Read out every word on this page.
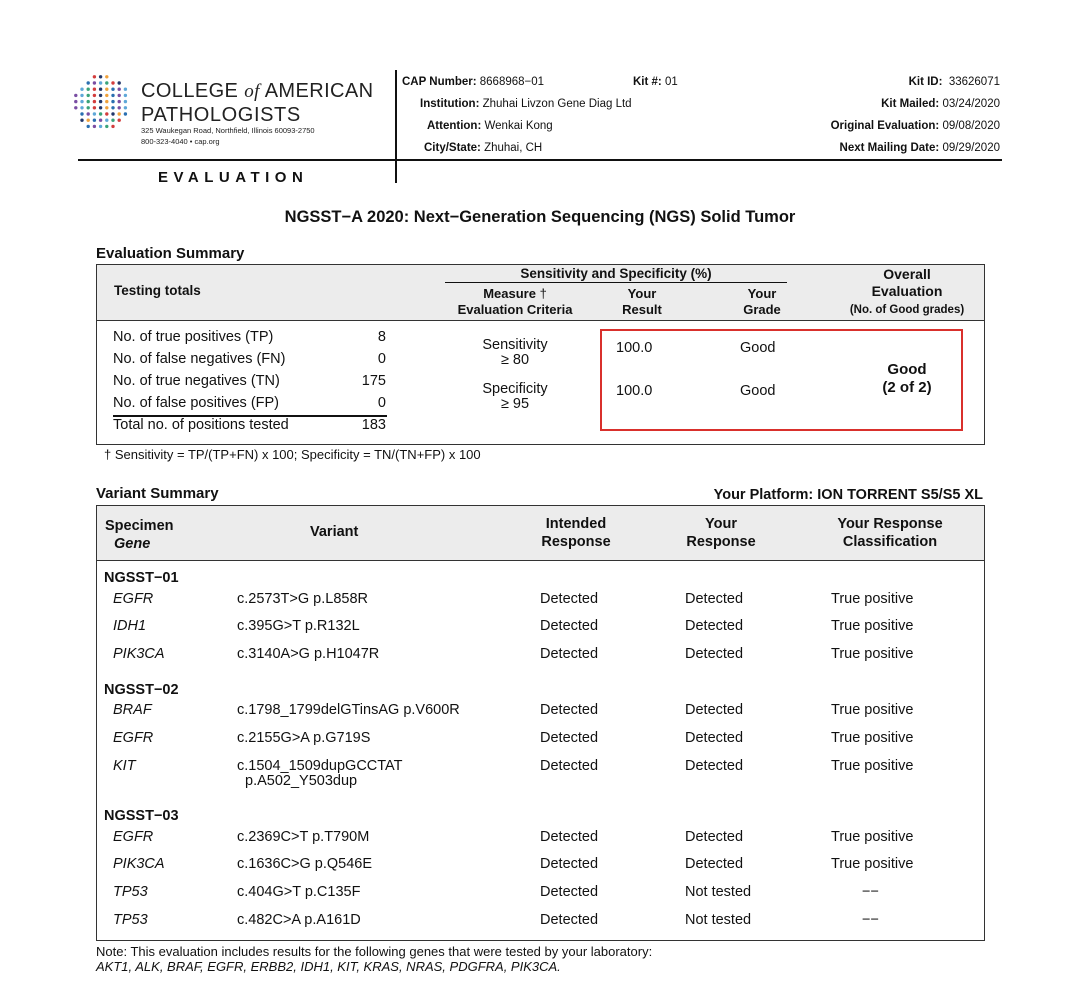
COLLEGE of AMERICAN
PATHOLOGISTS
325 Waukegan Road, Northfield, Illinois 60093-2750
800-323-4040 • cap.org
EVALUATION
CAP Number: 8668968−01	Kit #: 01
Institution: Zhuhai Livzon Gene Diag Ltd
Attention: Wenkai Kong
City/State: Zhuhai, CH
Kit ID: 33626071
Kit Mailed: 03/24/2020
Original Evaluation: 09/08/2020
Next Mailing Date: 09/29/2020
NGSST−A 2020: Next−Generation Sequencing (NGS) Solid Tumor
Evaluation Summary
Testing totals
Sensitivity and Specificity (%)
Measure †
Evaluation Criteria
Your
Result
Your
Grade
Overall
Evaluation
(No. of Good grades)
No. of true positives (TP)	8
No. of false negatives (FN)	0
No. of true negatives (TN)	175
No. of false positives (FP)	0
Total no. of positions tested	183
Sensitivity
≥ 80
Specificity
≥ 95
100.0	Good
100.0	Good
Good
(2 of 2)
† Sensitivity = TP/(TP+FN) x 100; Specificity = TN/(TN+FP) x 100
Variant Summary	Your Platform: ION TORRENT S5/S5 XL
Specimen
Gene
Variant	Intended
Response
Your
Response
Your Response
Classification
NGSST−01
EGFR	c.2573T>G p.L858R	Detected	Detected	True positive
IDH1	c.395G>T p.R132L	Detected	Detected	True positive
PIK3CA	c.3140A>G p.H1047R	Detected	Detected	True positive
NGSST−02
BRAF	c.1798_1799delGTinsAG p.V600R	Detected	Detected	True positive
EGFR	c.2155G>A p.G719S	Detected	Detected	True positive
KIT	c.1504_1509dupGCCTAT	Detected	Detected	True positive
p.A502_Y503dup
NGSST−03
EGFR	c.2369C>T p.T790M	Detected	Detected	True positive
PIK3CA	c.1636C>G p.Q546E	Detected	Detected	True positive
TP53	c.404G>T p.C135F	Detected	Not tested	−−
TP53	c.482C>A p.A161D	Detected	Not tested	−−
Note: This evaluation includes results for the following genes that were tested by your laboratory:
AKT1, ALK, BRAF, EGFR, ERBB2, IDH1, KIT, KRAS, NRAS, PDGFRA, PIK3CA.
